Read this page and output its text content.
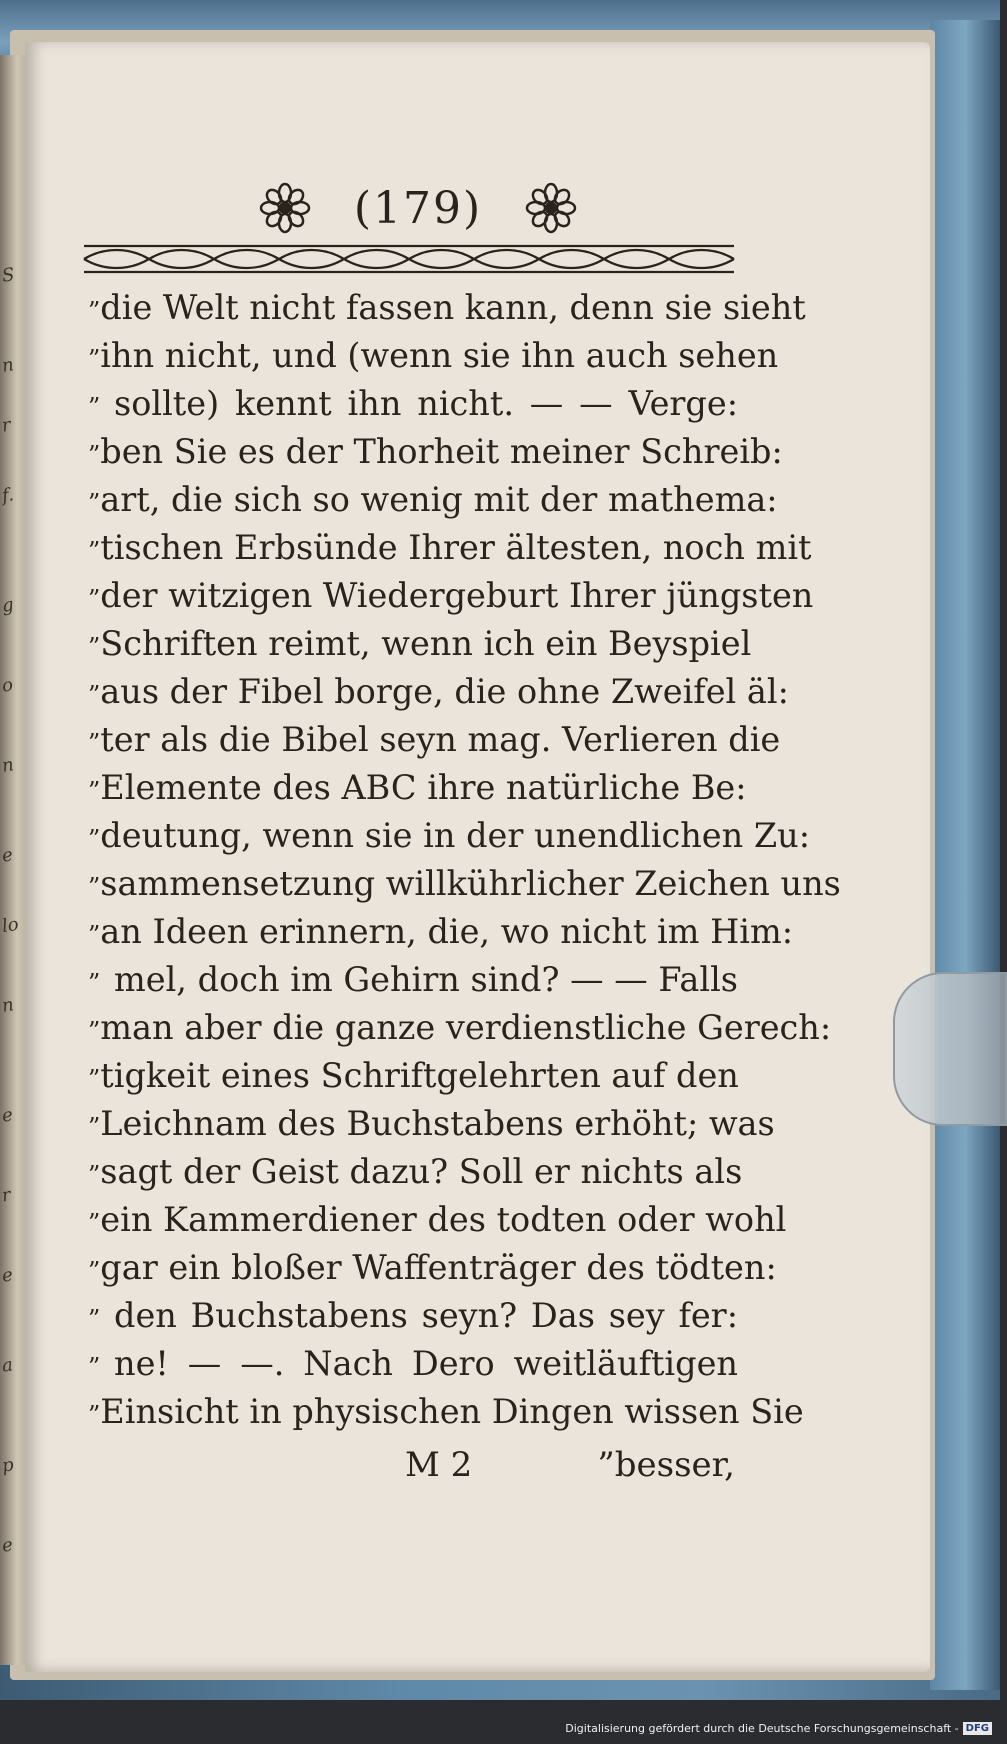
S
n
r
f.
g
o
n
e
lo
n
e
r
e
a
p
e
(179)
” die Welt nicht fassen kann, denn sie sieht
” ihn nicht, und (wenn sie ihn auch sehen
” sollte) kennt ihn nicht. — — Verge:
” ben Sie es der Thorheit meiner Schreib:
” art, die sich so wenig mit der mathema:
” tischen Erbsünde Ihrer ältesten, noch mit
” der witzigen Wiedergeburt Ihrer jüngsten
” Schriften reimt, wenn ich ein Beyspiel
” aus der Fibel borge, die ohne Zweifel äl:
” ter als die Bibel seyn mag. Verlieren die
” Elemente des ABC ihre natürliche Be:
” deutung, wenn sie in der unendlichen Zu:
” sammensetzung willkührlicher Zeichen uns
” an Ideen erinnern, die, wo nicht im Him:
” mel, doch im Gehirn sind? — — Falls
” man aber die ganze verdienstliche Gerech:
” tigkeit eines Schriftgelehrten auf den
” Leichnam des Buchstabens erhöht; was
” sagt der Geist dazu? Soll er nichts als
” ein Kammerdiener des todten oder wohl
” gar ein bloßer Waffenträger des tödten:
” den Buchstabens seyn? Das sey fer:
” ne! — —. Nach Dero weitläuftigen
” Einsicht in physischen Dingen wissen Sie
M 2	”besser,
Digitalisierung gefördert durch die Deutsche Forschungsgemeinschaft - DFG
